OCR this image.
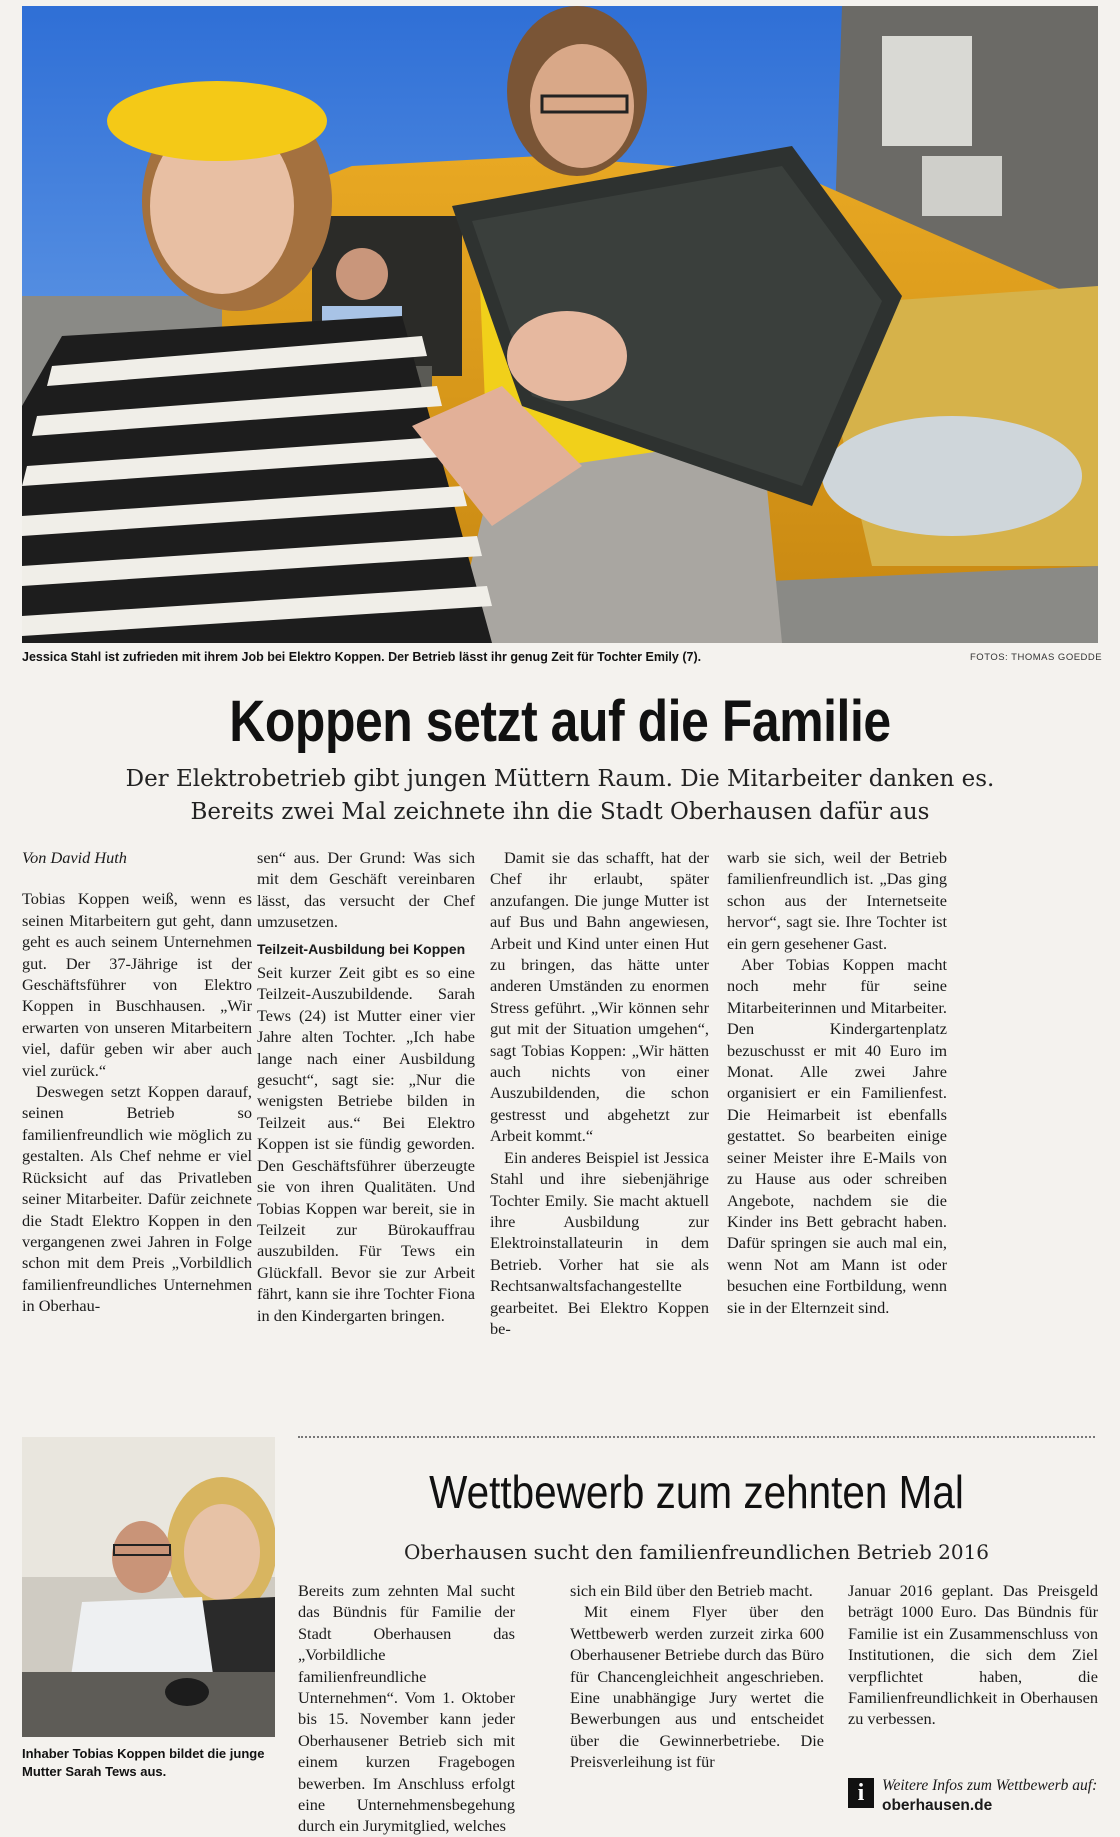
Jessica Stahl ist zufrieden mit ihrem Job bei Elektro Koppen. Der Betrieb lässt ihr genug Zeit für Tochter Emily (7).	FOTOS: THOMAS GOEDDE
Koppen setzt auf die Familie
Der Elektrobetrieb gibt jungen Müttern Raum. Die Mitarbeiter danken es.
Bereits zwei Mal zeichnete ihn die Stadt Oberhausen dafür aus

Von David Huth

Tobias Koppen weiß, wenn es seinen Mitarbeitern gut geht, dann geht es auch seinem Unternehmen gut. Der 37-Jährige ist der Geschäftsführer von Elektro Koppen in Buschhausen. „Wir erwarten von unseren Mitarbeitern viel, dafür geben wir aber auch viel zurück.“

Deswegen setzt Koppen darauf, seinen Betrieb so familienfreundlich wie möglich zu gestalten. Als Chef nehme er viel Rücksicht auf das Privatleben seiner Mitarbeiter. Dafür zeichnete die Stadt Elektro Koppen in den vergangenen zwei Jahren in Folge schon mit dem Preis „Vorbildlich familienfreundliches Unternehmen in Oberhau-

sen“ aus. Der Grund: Was sich mit dem Geschäft vereinbaren lässt, das versucht der Chef umzusetzen.

Teilzeit-Ausbildung bei Koppen

Seit kurzer Zeit gibt es so eine Teilzeit-Auszubildende. Sarah Tews (24) ist Mutter einer vier Jahre alten Tochter. „Ich habe lange nach einer Ausbildung gesucht“, sagt sie: „Nur die wenigsten Betriebe bilden in Teilzeit aus.“ Bei Elektro Koppen ist sie fündig geworden. Den Geschäftsführer überzeugte sie von ihren Qualitäten. Und Tobias Koppen war bereit, sie in Teilzeit zur Bürokauffrau auszubilden. Für Tews ein Glückfall. Bevor sie zur Arbeit fährt, kann sie ihre Tochter Fiona in den Kindergarten bringen.

Damit sie das schafft, hat der Chef ihr erlaubt, später anzufangen. Die junge Mutter ist auf Bus und Bahn angewiesen, Arbeit und Kind unter einen Hut zu bringen, das hätte unter anderen Umständen zu enormen Stress geführt. „Wir können sehr gut mit der Situation umgehen“, sagt Tobias Koppen: „Wir hätten auch nichts von einer Auszubildenden, die schon gestresst und abgehetzt zur Arbeit kommt.“

Ein anderes Beispiel ist Jessica Stahl und ihre siebenjährige Tochter Emily. Sie macht aktuell ihre Ausbildung zur Elektroinstallateurin in dem Betrieb. Vorher hat sie als Rechtsanwaltsfachangestellte gearbeitet. Bei Elektro Koppen be-

warb sie sich, weil der Betrieb familienfreundlich ist. „Das ging schon aus der Internetseite hervor“, sagt sie. Ihre Tochter ist ein gern gesehener Gast.

Aber Tobias Koppen macht noch mehr für seine Mitarbeiterinnen und Mitarbeiter. Den Kindergartenplatz bezuschusst er mit 40 Euro im Monat. Alle zwei Jahre organisiert er ein Familienfest. Die Heimarbeit ist ebenfalls gestattet. So bearbeiten einige seiner Meister ihre E-Mails von zu Hause aus oder schreiben Angebote, nachdem sie die Kinder ins Bett gebracht haben. Dafür springen sie auch mal ein, wenn Not am Mann ist oder besuchen eine Fortbildung, wenn sie in der Elternzeit sind.

Inhaber Tobias Koppen bildet die junge Mutter Sarah Tews aus.
Wettbewerb zum zehnten Mal
Oberhausen sucht den familienfreundlichen Betrieb 2016

Bereits zum zehnten Mal sucht das Bündnis für Familie der Stadt Oberhausen das „Vorbildliche familienfreundliche Unternehmen“. Vom 1. Oktober bis 15. November kann jeder Oberhausener Betrieb sich mit einem kurzen Fragebogen bewerben. Im Anschluss erfolgt eine Unternehmensbegehung durch ein Jurymitglied, welches

sich ein Bild über den Betrieb macht.

Mit einem Flyer über den Wettbewerb werden zurzeit zirka 600 Oberhausener Betriebe durch das Büro für Chancengleichheit angeschrieben. Eine unabhängige Jury wertet die Bewerbungen aus und entscheidet über die Gewinnerbetriebe. Die Preisverleihung ist für

Januar 2016 geplant. Das Preisgeld beträgt 1000 Euro. Das Bündnis für Familie ist ein Zusammenschluss von Institutionen, die sich dem Ziel verpflichtet haben, die Familienfreundlichkeit in Oberhausen zu verbessen.

i	Weitere Infos zum Wettbewerb auf: oberhausen.de
